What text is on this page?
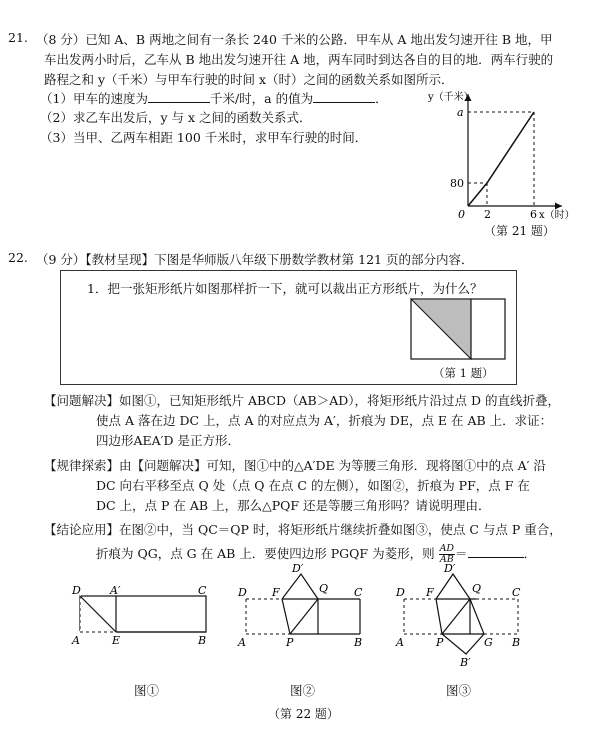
21. （8 分）已知 A、B 两地之间有一条长 240 千米的公路．甲车从 A 地出发匀速开往 B 地，甲
车出发两小时后，乙车从 B 地出发匀速开往 A 地，两车同时到达各自的目的地．两车行驶的
路程之和 y（千米）与甲车行驶的时间 x（时）之间的函数关系如图所示．
（1）甲车的速度为	千米/时，a 的值为	．
（2）求乙车出发后，y 与 x 之间的函数关系式．
（3）当甲、乙两车相距 100 千米时，求甲车行驶的时间．
y（千米）
a
80
0 2	6 x（时）
（第 21 题）
22. （9 分）【教材呈现】下图是华师版八年级下册数学教材第 121 页的部分内容．
1．把一张矩形纸片如图那样折一下，就可以裁出正方形纸片，为什么？
（第 1 题）
【问题解决】如图①，已知矩形纸片 ABCD（AB＞AD），将矩形纸片沿过点 D 的直线折叠，
使点 A 落在边 DC 上，点 A 的对应点为 A′，折痕为 DE，点 E 在 AB 上．求证：
四边形AEA′D 是正方形．
【规律探索】由【问题解决】可知，图①中的△A′DE 为等腰三角形．现将图①中的点 A′ 沿
DC 向右平移至点 Q 处（点 Q 在点 C 的左侧），如图②，折痕为 PF，点 F 在
DC 上，点 P 在 AB 上，那么△PQF 还是等腰三角形吗？请说明理由．
【结论应用】在图②中，当 QC＝QP 时，将矩形纸片继续折叠如图③，使点 C 与点 P 重合，
折痕为 QG，点 G 在 AB 上．要使四边形 PGQF 为菱形，则 $\frac{AD}{AB}$ ＝	．
D	A′	C
A	E	B
D′
D F	Q C
A	P	B
D′
D F	Q	C
A	P	G B
B′
图①	图②	图③
（第 22 题）
